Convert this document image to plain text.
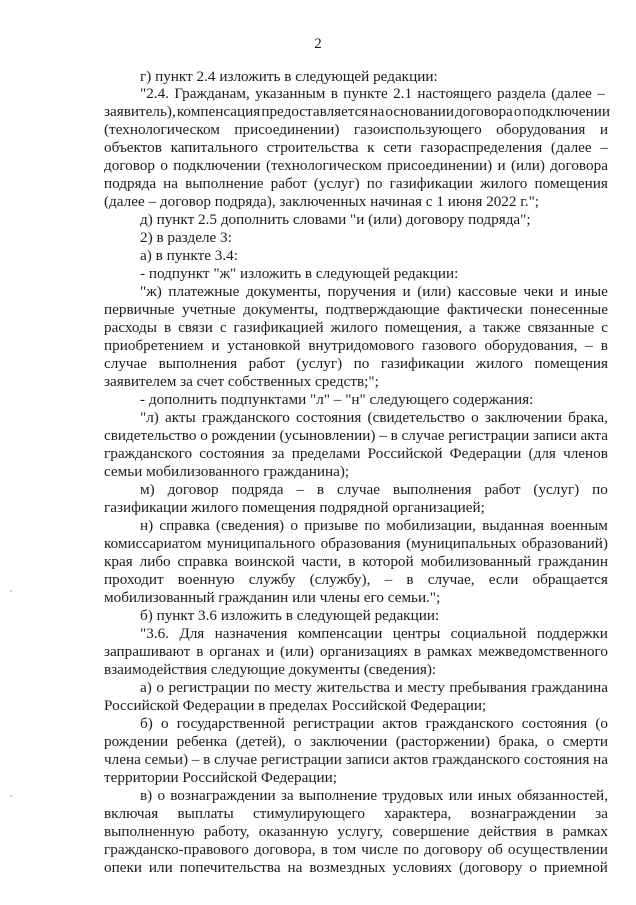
2
г) пункт 2.4 изложить в следующей редакции:
"2.4. Гражданам, указанным в пункте 2.1 настоящего раздела (далее –
заявитель), компенсация предоставляется на основании договора о подключении
(технологическом присоединении) газоиспользующего оборудования и
объектов капитального строительства к сети газораспределения (далее –
договор о подключении (технологическом присоединении) и (или) договора
подряда на выполнение работ (услуг) по газификации жилого помещения
(далее – договор подряда), заключенных начиная с 1 июня 2022 г.";
д) пункт 2.5 дополнить словами "и (или) договору подряда";
2) в разделе 3:
а) в пункте 3.4:
- подпункт "ж" изложить в следующей редакции:
"ж) платежные документы, поручения и (или) кассовые чеки и иные
первичные учетные документы, подтверждающие фактически понесенные
расходы в связи с газификацией жилого помещения, а также связанные с
приобретением и установкой внутридомового газового оборудования, – в
случае выполнения работ (услуг) по газификации жилого помещения
заявителем за счет собственных средств;";
- дополнить подпунктами "л" – "н" следующего содержания:
"л) акты гражданского состояния (свидетельство о заключении брака,
свидетельство о рождении (усыновлении) – в случае регистрации записи акта
гражданского состояния за пределами Российской Федерации (для членов
семьи мобилизованного гражданина);
м) договор подряда – в случае выполнения работ (услуг) по
газификации жилого помещения подрядной организацией;
н) справка (сведения) о призыве по мобилизации, выданная военным
комиссариатом муниципального образования (муниципальных образований)
края либо справка воинской части, в которой мобилизованный гражданин
проходит военную службу (службу), – в случае, если обращается
мобилизованный гражданин или члены его семьи.";
б) пункт 3.6 изложить в следующей редакции:
"3.6. Для назначения компенсации центры социальной поддержки
запрашивают в органах и (или) организациях в рамках межведомственного
взаимодействия следующие документы (сведения):
а) о регистрации по месту жительства и месту пребывания гражданина
Российской Федерации в пределах Российской Федерации;
б) о государственной регистрации актов гражданского состояния (о
рождении ребенка (детей), о заключении (расторжении) брака, о смерти
члена семьи) – в случае регистрации записи актов гражданского состояния на
территории Российской Федерации;
в) о вознаграждении за выполнение трудовых или иных обязанностей,
включая выплаты стимулирующего характера, вознаграждении за
выполненную работу, оказанную услугу, совершение действия в рамках
гражданско-правового договора, в том числе по договору об осуществлении
опеки или попечительства на возмездных условиях (договору о приемной
